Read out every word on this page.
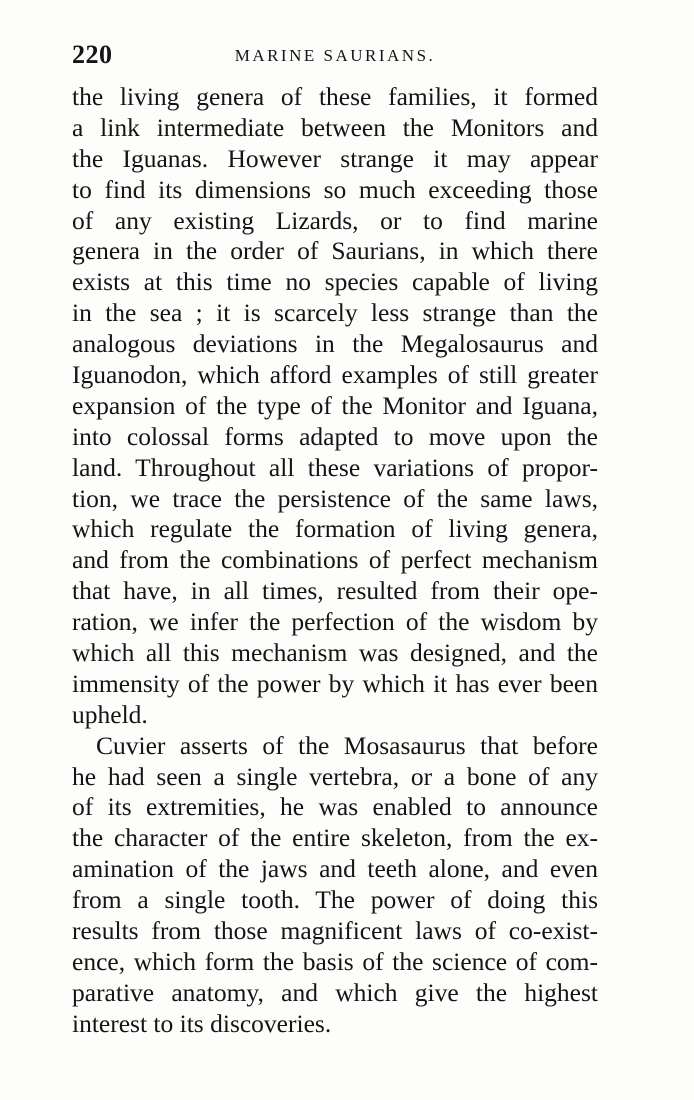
220	MARINE SAURIANS.
the living genera of these families, it formed
a link intermediate between the Monitors and
the Iguanas. However strange it may appear
to find its dimensions so much exceeding those
of any existing Lizards, or to find marine
genera in the order of Saurians, in which there
exists at this time no species capable of living
in the sea ; it is scarcely less strange than the
analogous deviations in the Megalosaurus and
Iguanodon, which afford examples of still greater
expansion of the type of the Monitor and Iguana,
into colossal forms adapted to move upon the
land. Throughout all these variations of propor-
tion, we trace the persistence of the same laws,
which regulate the formation of living genera,
and from the combinations of perfect mechanism
that have, in all times, resulted from their ope-
ration, we infer the perfection of the wisdom by
which all this mechanism was designed, and the
immensity of the power by which it has ever been
upheld.
Cuvier asserts of the Mosasaurus that before
he had seen a single vertebra, or a bone of any
of its extremities, he was enabled to announce
the character of the entire skeleton, from the ex-
amination of the jaws and teeth alone, and even
from a single tooth. The power of doing this
results from those magnificent laws of co-exist-
ence, which form the basis of the science of com-
parative anatomy, and which give the highest
interest to its discoveries.
